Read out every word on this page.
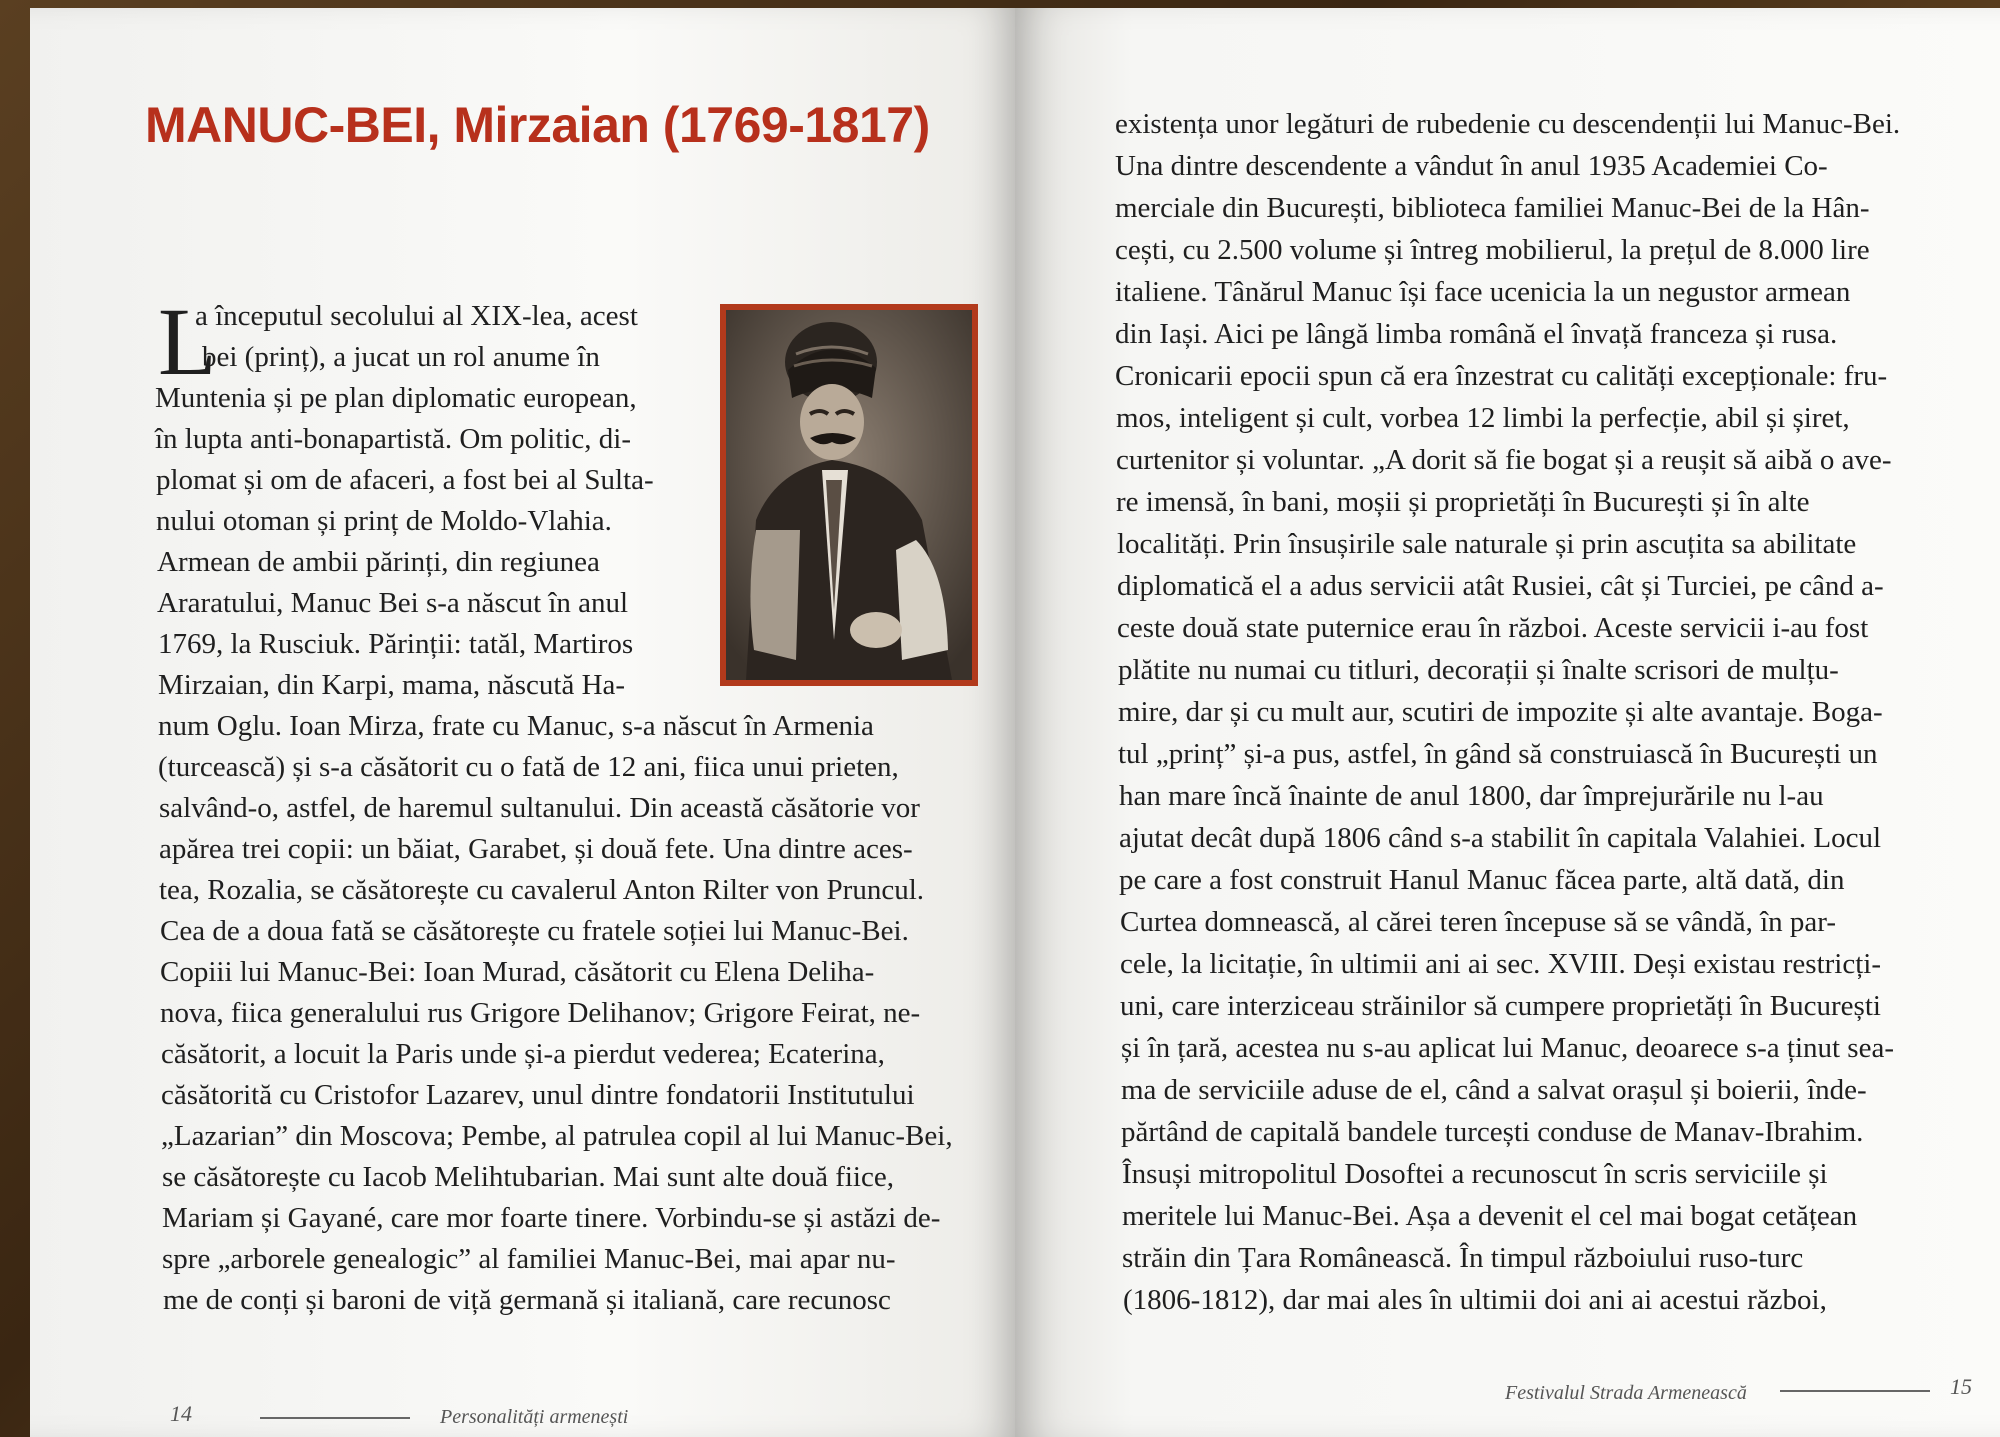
MANUC-BEI, Mirzaian (1769-1817)
L
a începutul secolului al XIX-lea, acest
bei (prinț), a jucat un rol anume în
Muntenia și pe plan diplomatic european,
în lupta anti-bonapartistă. Om politic, di-
plomat și om de afaceri, a fost bei al Sulta-
nului otoman și prinț de Moldo-Vlahia.
Armean de ambii părinți, din regiunea
Araratului, Manuc Bei s-a născut în anul
1769, la Rusciuk. Părinții: tatăl, Martiros
Mirzaian, din Karpi, mama, născută Ha-
num Oglu. Ioan Mirza, frate cu Manuc, s-a născut în Armenia
(turcească) și s-a căsătorit cu o fată de 12 ani, fiica unui prieten,
salvând-o, astfel, de haremul sultanului. Din această căsătorie vor
apărea trei copii: un băiat, Garabet, și două fete. Una dintre aces-
tea, Rozalia, se căsătorește cu cavalerul Anton Rilter von Pruncul.
Cea de a doua fată se căsătorește cu fratele soției lui Manuc-Bei.
Copiii lui Manuc-Bei: Ioan Murad, căsătorit cu Elena Deliha-
nova, fiica generalului rus Grigore Delihanov; Grigore Feirat, ne-
căsătorit, a locuit la Paris unde și-a pierdut vederea; Ecaterina,
căsătorită cu Cristofor Lazarev, unul dintre fondatorii Institutului
„Lazarian” din Moscova; Pembe, al patrulea copil al lui Manuc-Bei,
se căsătorește cu Iacob Melihtubarian. Mai sunt alte două fiice,
Mariam și Gayané, care mor foarte tinere. Vorbindu-se și astăzi de-
spre „arborele genealogic” al familiei Manuc-Bei, mai apar nu-
me de conți și baroni de viță germană și italiană, care recunosc
14	Personalități armenești
existența unor legături de rubedenie cu descendenții lui Manuc-Bei.
Una dintre descendente a vândut în anul 1935 Academiei Co-
merciale din București, biblioteca familiei Manuc-Bei de la Hân-
cești, cu 2.500 volume și întreg mobilierul, la prețul de 8.000 lire
italiene. Tânărul Manuc își face ucenicia la un negustor armean
din Iași. Aici pe lângă limba română el învață franceza și rusa.
Cronicarii epocii spun că era înzestrat cu calități excepționale: fru-
mos, inteligent și cult, vorbea 12 limbi la perfecție, abil și șiret,
curtenitor și voluntar. „A dorit să fie bogat și a reușit să aibă o ave-
re imensă, în bani, moșii și proprietăți în București și în alte
localități. Prin însușirile sale naturale și prin ascuțita sa abilitate
diplomatică el a adus servicii atât Rusiei, cât și Turciei, pe când a-
ceste două state puternice erau în război. Aceste servicii i-au fost
plătite nu numai cu titluri, decorații și înalte scrisori de mulțu-
mire, dar și cu mult aur, scutiri de impozite și alte avantaje. Boga-
tul „prinț” și-a pus, astfel, în gând să construiască în București un
han mare încă înainte de anul 1800, dar împrejurările nu l-au
ajutat decât după 1806 când s-a stabilit în capitala Valahiei. Locul
pe care a fost construit Hanul Manuc făcea parte, altă dată, din
Curtea domnească, al cărei teren începuse să se vândă, în par-
cele, la licitație, în ultimii ani ai sec. XVIII. Deși existau restricți-
uni, care interziceau străinilor să cumpere proprietăți în București
și în țară, acestea nu s-au aplicat lui Manuc, deoarece s-a ținut sea-
ma de serviciile aduse de el, când a salvat orașul și boierii, înde-
părtând de capitală bandele turcești conduse de Manav-Ibrahim.
Însuși mitropolitul Dosoftei a recunoscut în scris serviciile și
meritele lui Manuc-Bei. Așa a devenit el cel mai bogat cetățean
străin din Țara Românească. În timpul războiului ruso-turc
(1806-1812), dar mai ales în ultimii doi ani ai acestui război,
Festivalul Strada Armenească	15
